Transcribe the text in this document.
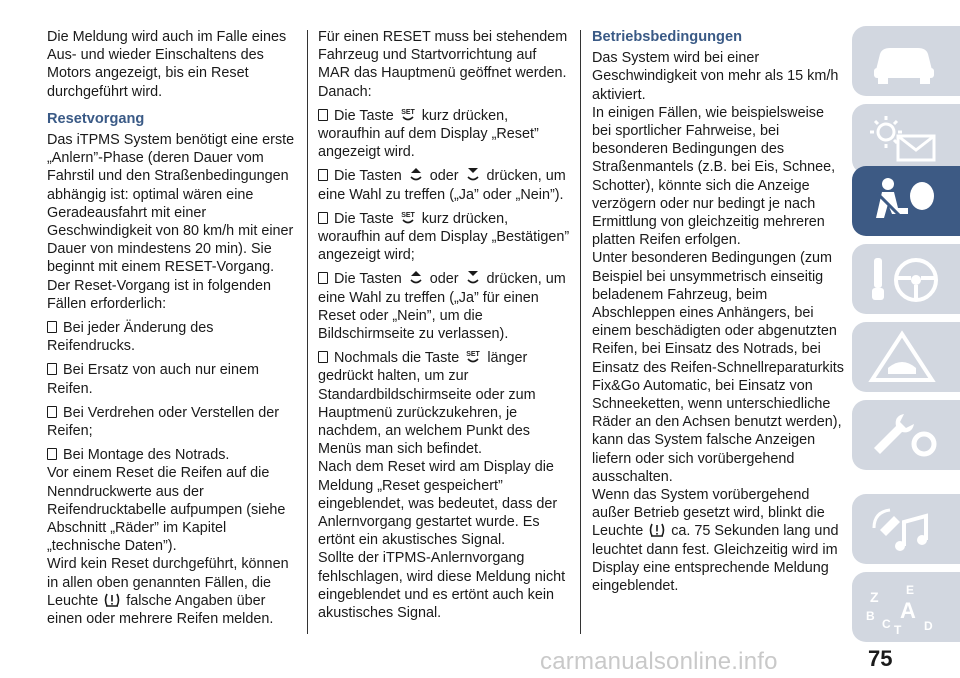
Die Meldung wird auch im Falle eines Aus- und wieder Einschaltens des Motors angezeigt, bis ein Reset durchgeführt wird.

Resetvorgang

Das iTPMS System benötigt eine erste „Anlern”-Phase (deren Dauer vom Fahrstil und den Straßenbedingungen abhängig ist: optimal wären eine Geradeausfahrt mit einer Geschwindigkeit von 80 km/h mit einer Dauer von mindestens 20 min). Sie beginnt mit einem RESET-Vorgang.

Der Reset-Vorgang ist in folgenden Fällen erforderlich:

Bei jeder Änderung des Reifendrucks.

Bei Ersatz von auch nur einem Reifen.

Bei Verdrehen oder Verstellen der Reifen;

Bei Montage des Notrads.

Vor einem Reset die Reifen auf die Nenndruckwerte aus der Reifendrucktabelle aufpumpen (siehe Abschnitt „Räder” im Kapitel „technische Daten”).

Wird kein Reset durchgeführt, können in allen oben genannten Fällen, die Leuchte falsche Angaben über einen oder mehrere Reifen melden.

Für einen RESET muss bei stehendem Fahrzeug und Startvorrichtung auf MAR das Hauptmenü geöffnet werden. Danach:

Die Taste SET kurz drücken, woraufhin auf dem Display „Reset” angezeigt wird.

Die Tasten oder drücken, um eine Wahl zu treffen („Ja” oder „Nein”).

Die Taste SET kurz drücken, woraufhin auf dem Display „Bestätigen” angezeigt wird;

Die Tasten oder drücken, um eine Wahl zu treffen („Ja” für einen Reset oder „Nein”, um die Bildschirmseite zu verlassen).

Nochmals die Taste SET länger gedrückt halten, um zur Standardbildschirmseite oder zum Hauptmenü zurückzukehren, je nachdem, an welchem Punkt des Menüs man sich befindet.

Nach dem Reset wird am Display die Meldung „Reset gespeichert” eingeblendet, was bedeutet, dass der Anlernvorgang gestartet wurde. Es ertönt ein akustisches Signal.

Sollte der iTPMS-Anlernvorgang fehlschlagen, wird diese Meldung nicht eingeblendet und es ertönt auch kein akustisches Signal.

Betriebsbedingungen

Das System wird bei einer Geschwindigkeit von mehr als 15 km/h aktiviert.

In einigen Fällen, wie beispielsweise bei sportlicher Fahrweise, bei besonderen Bedingungen des Straßenmantels (z.B. bei Eis, Schnee, Schotter), könnte sich die Anzeige verzögern oder nur bedingt je nach Ermittlung von gleichzeitig mehreren platten Reifen erfolgen.

Unter besonderen Bedingungen (zum Beispiel bei unsymmetrisch einseitig beladenem Fahrzeug, beim Abschleppen eines Anhängers, bei einem beschädigten oder abgenutzten Reifen, bei Einsatz des Notrads, bei Einsatz des Reifen-Schnellreparaturkits Fix&Go Automatic, bei Einsatz von Schneeketten, wenn unterschiedliche Räder an den Achsen benutzt werden), kann das System falsche Anzeigen liefern oder sich vorübergehend ausschalten.

Wenn das System vorübergehend außer Betrieb gesetzt wird, blinkt die Leuchte ca. 75 Sekunden lang und leuchtet dann fest. Gleichzeitig wird im Display eine entsprechende Meldung eingeblendet.

Z E
B A
C T D
75
carmanualsonline.info
